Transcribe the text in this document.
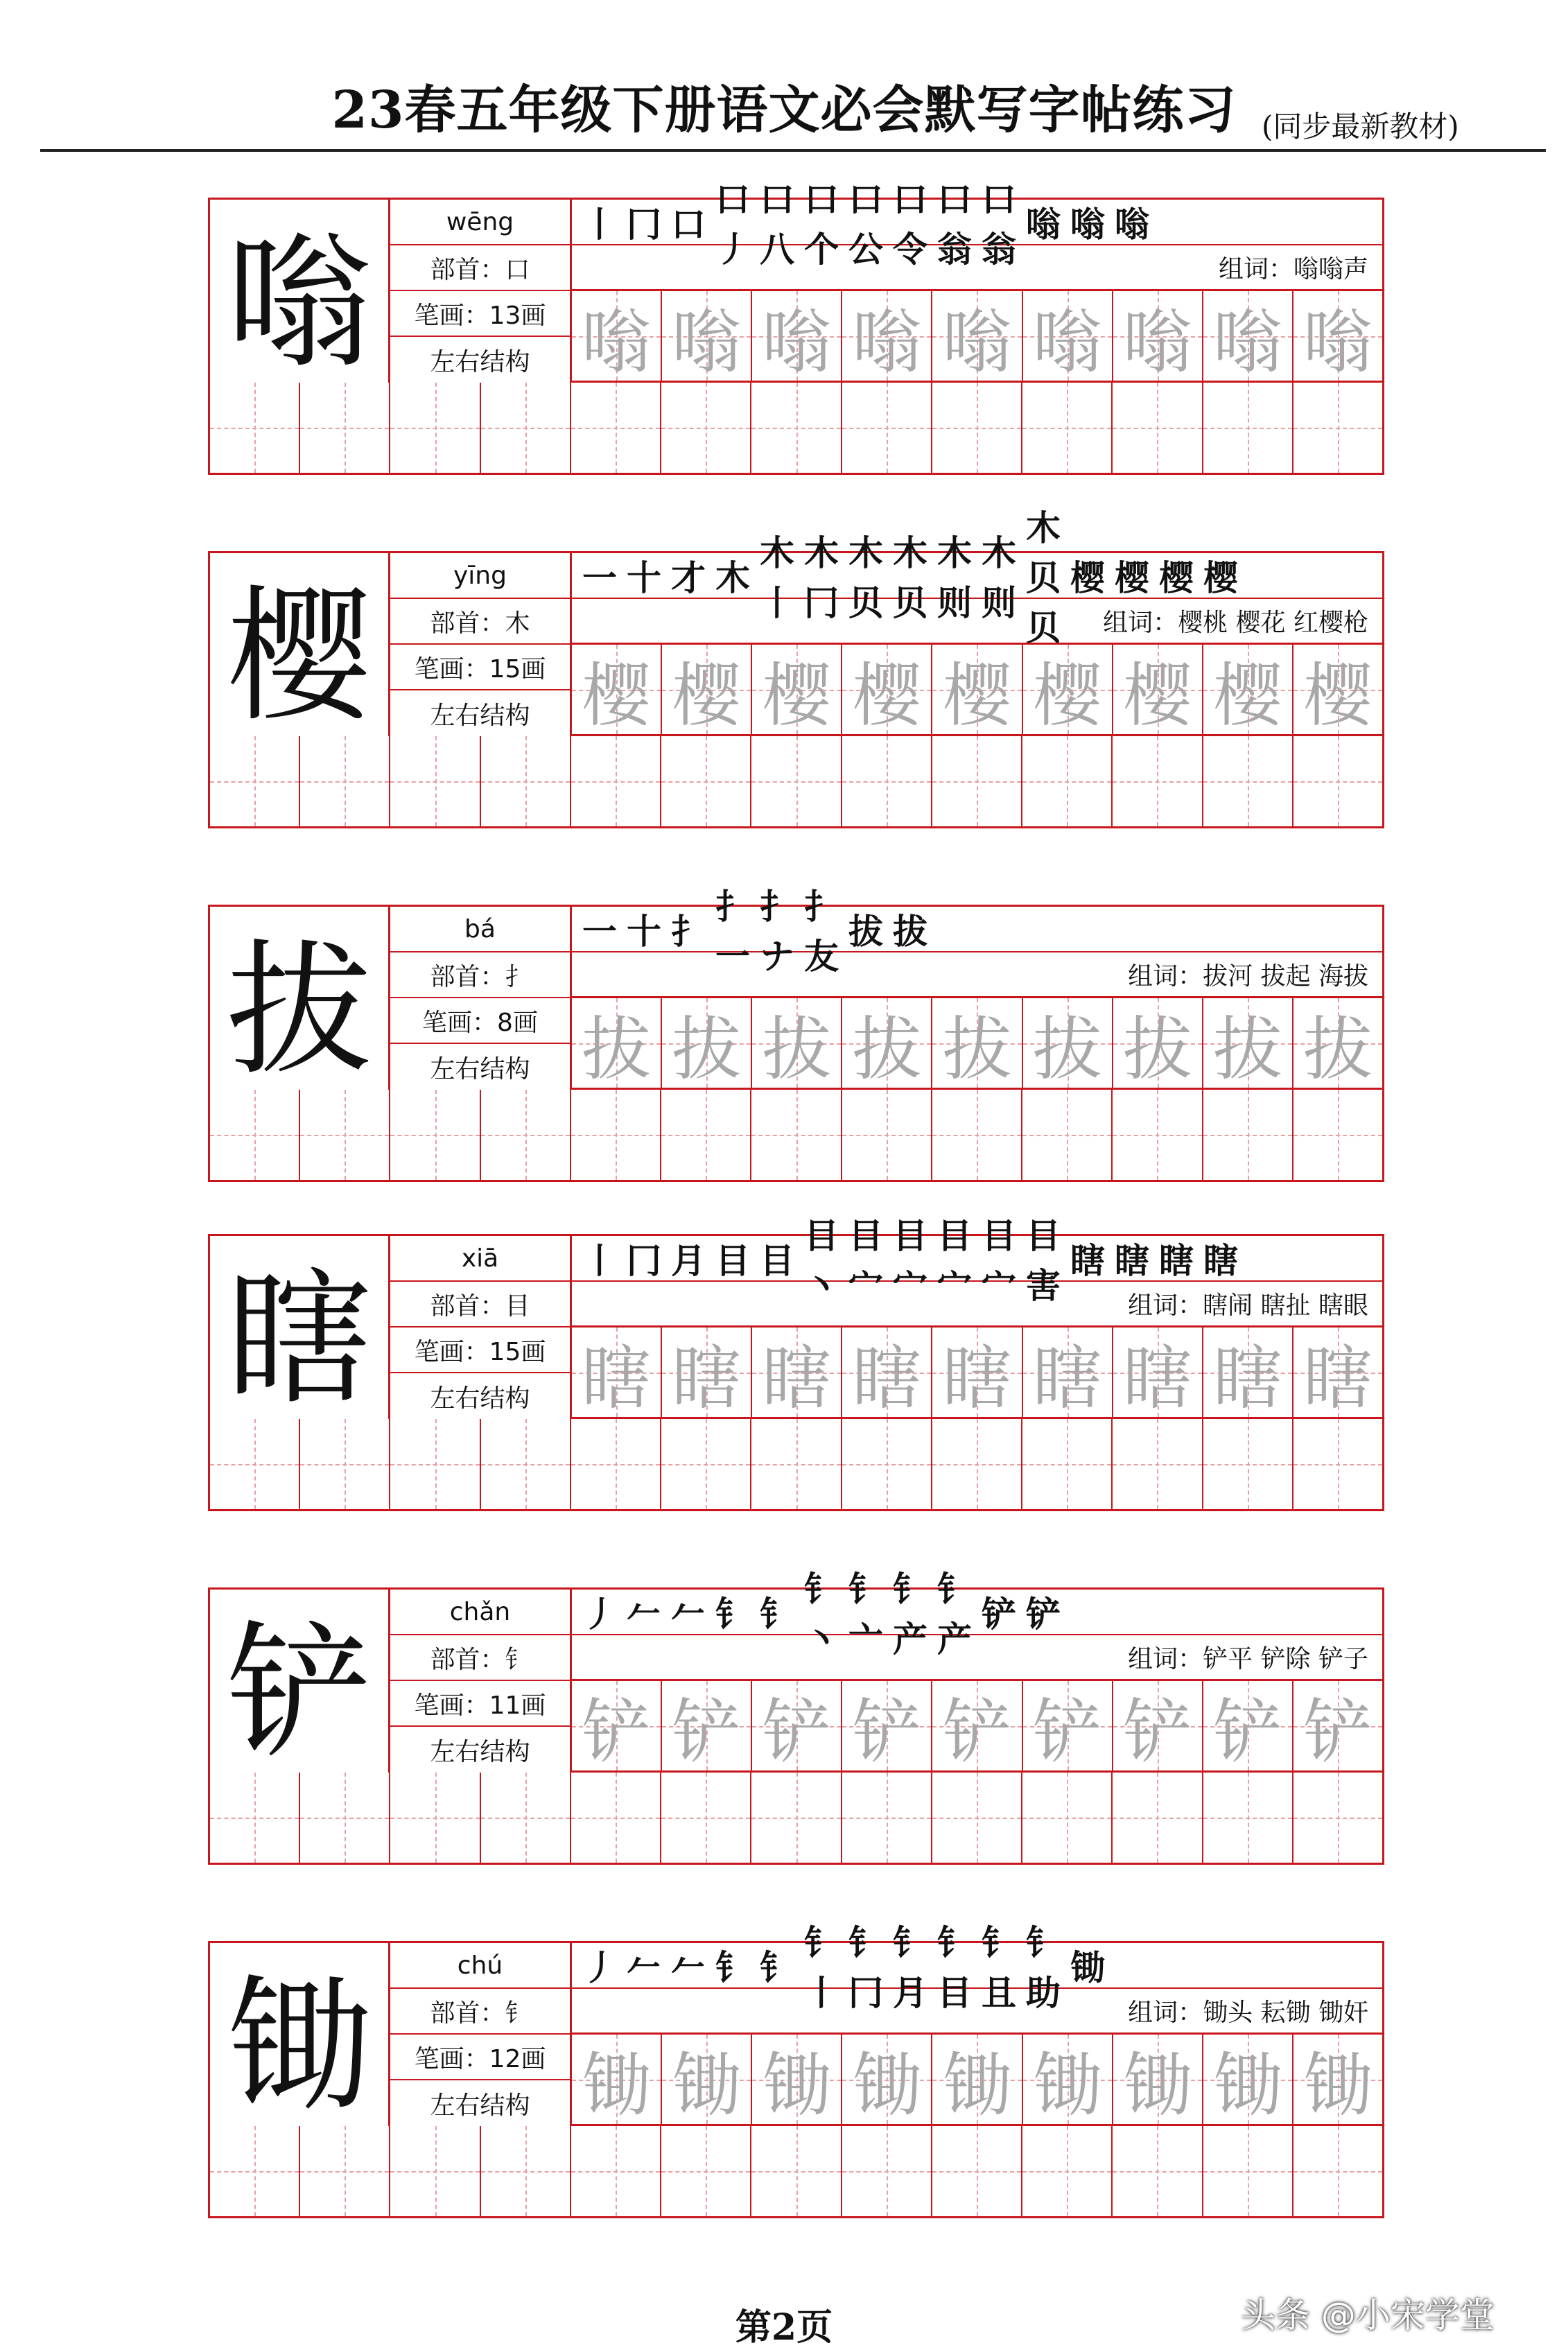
23春五年级下册语文必会默写字帖练习 (同步最新教材)
嗡	wēng
部首：口
笔画：13画
左右结构
丨 冂 口
口丿
口八
口个
口公
口令
口翁
口翁
嗡 嗡 嗡
组词：嗡嗡声
嗡 嗡 嗡 嗡 嗡 嗡 嗡 嗡 嗡
樱	yīng
部首：木
笔画：15画
左右结构
一 十 才 木
木丨
木冂
木贝
木贝
木则
木则
木贝贝
樱 樱 樱 樱
组词：樱桃 樱花 红樱枪
樱 樱 樱 樱 樱 樱 樱 樱 樱
拔	bá
部首：扌
笔画：8画
左右结构
一 十 扌
扌一
扌ナ
扌友
拔 拔
组词：拔河 拔起 海拔
拔 拔 拔 拔 拔 拔 拔 拔 拔
瞎	xiā
部首：目
笔画：15画
左右结构
丨 冂 月 目 目
目丶
目宀
目宀
目宀
目宀
目害
瞎 瞎 瞎 瞎
组词：瞎闹 瞎扯 瞎眼
瞎 瞎 瞎 瞎 瞎 瞎 瞎 瞎 瞎
铲	chǎn
部首：钅
笔画：11画
左右结构
丿 𠂉 𠂉 钅 钅
钅丶
钅亠
钅产
钅产
铲 铲
组词：铲平 铲除 铲子
铲 铲 铲 铲 铲 铲 铲 铲 铲
锄	chú
部首：钅
笔画：12画
左右结构
丿 𠂉 𠂉 钅 钅
钅丨
钅冂
钅月
钅目
钅且
钅助
锄
组词：锄头 耘锄 锄奸
锄 锄 锄 锄 锄 锄 锄 锄 锄
第2页	头条 @小宋学堂
